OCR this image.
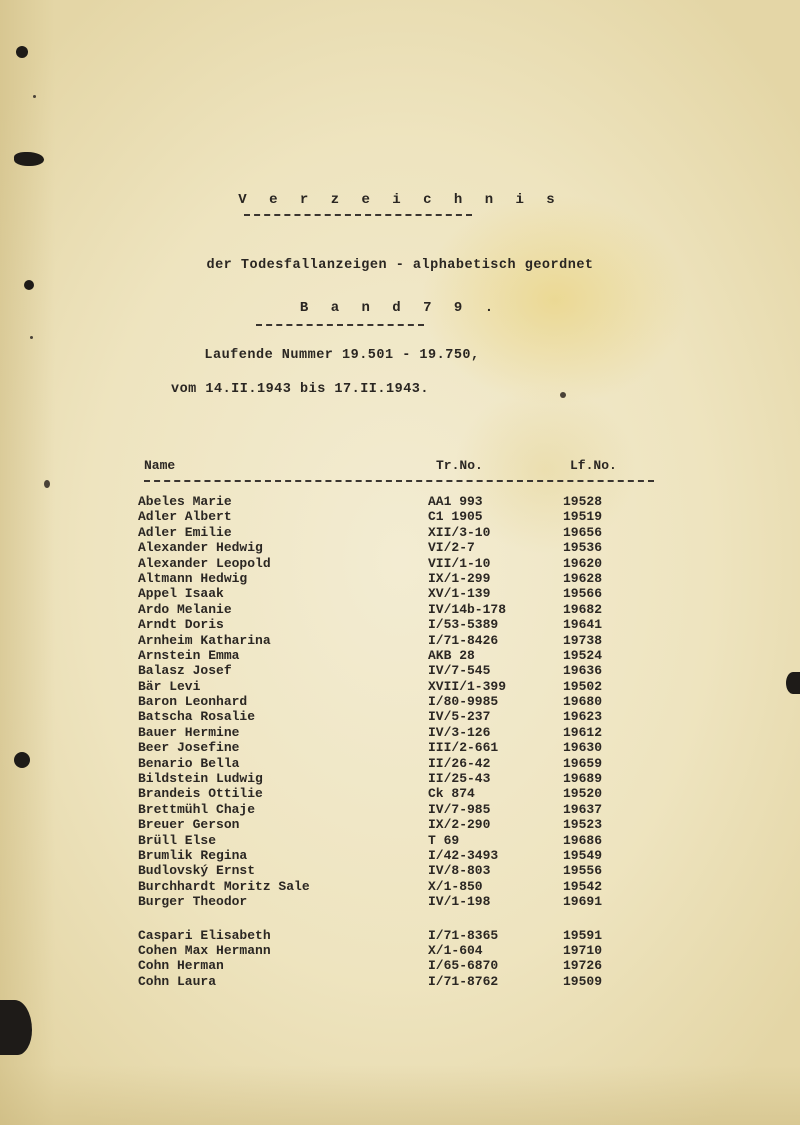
V e r z e i c h n i s
der Todesfallanzeigen - alphabetisch geordnet
B a n d 7 9 .
Laufende Nummer 19.501 - 19.750,
vom 14.II.1943 bis 17.II.1943.
Name	Tr.No.	Lf.No.
Abeles Marie	AA1 993	19528
Adler Albert	C1 1905	19519
Adler Emilie	XII/3-10	19656
Alexander Hedwig	VI/2-7	19536
Alexander Leopold	VII/1-10	19620
Altmann Hedwig	IX/1-299	19628
Appel Isaak	XV/1-139	19566
Ardo Melanie	IV/14b-178	19682
Arndt Doris	I/53-5389	19641
Arnheim Katharina	I/71-8426	19738
Arnstein Emma	AKB 28	19524
Balasz Josef	IV/7-545	19636
Bär Levi	XVII/1-399	19502
Baron Leonhard	I/80-9985	19680
Batscha Rosalie	IV/5-237	19623
Bauer Hermine	IV/3-126	19612
Beer Josefine	III/2-661	19630
Benario Bella	II/26-42	19659
Bildstein Ludwig	II/25-43	19689
Brandeis Ottilie	Ck 874	19520
Brettmühl Chaje	IV/7-985	19637
Breuer Gerson	IX/2-290	19523
Brüll Else	T 69	19686
Brumlik Regina	I/42-3493	19549
Budlovský Ernst	IV/8-803	19556
Burchhardt Moritz Sale	X/1-850	19542
Burger Theodor	IV/1-198	19691
Caspari Elisabeth	I/71-8365	19591
Cohen Max Hermann	X/1-604	19710
Cohn Herman	I/65-6870	19726
Cohn Laura	I/71-8762	19509
